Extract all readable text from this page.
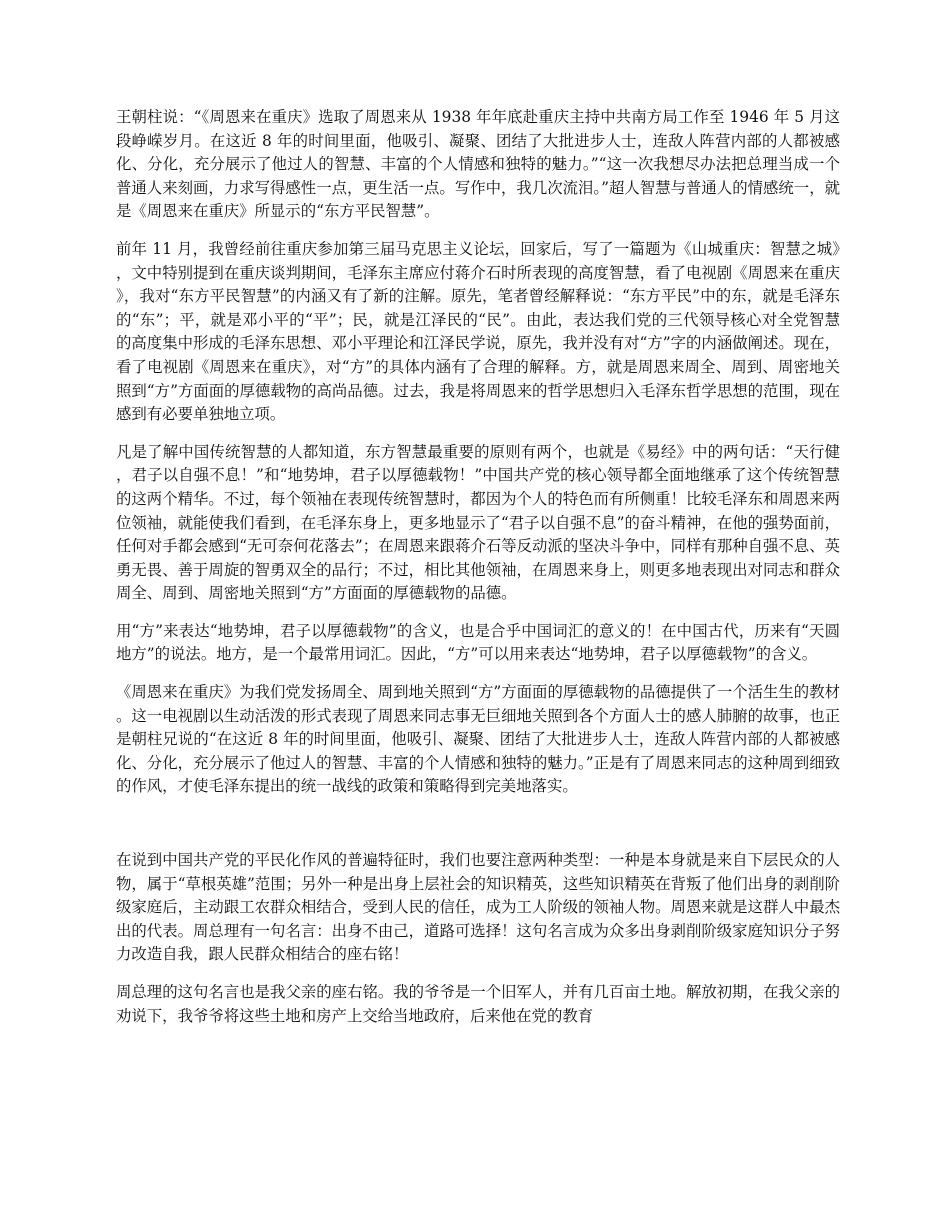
王朝柱说：“《周恩来在重庆》选取了周恩来从 1938 年年底赴重庆主持中共南方局工作至 1946 年 5 月这段峥嵘岁月。在这近 8 年的时间里面，他吸引、凝聚、团结了大批进步人士，连敌人阵营内部的人都被感化、分化，充分展示了他过人的智慧、丰富的个人情感和独特的魅力。”“这一次我想尽办法把总理当成一个普通人来刻画，力求写得感性一点，更生活一点。写作中，我几次流泪。”超人智慧与普通人的情感统一，就是《周恩来在重庆》所显示的“东方平民智慧”。

前年 11 月，我曾经前往重庆参加第三届马克思主义论坛，回家后，写了一篇题为《山城重庆：智慧之城》，文中特别提到在重庆谈判期间，毛泽东主席应付蒋介石时所表现的高度智慧，看了电视剧《周恩来在重庆》，我对“东方平民智慧”的内涵又有了新的注解。原先，笔者曾经解释说：“东方平民”中的东，就是毛泽东的“东”；平，就是邓小平的“平”；民，就是江泽民的“民”。由此，表达我们党的三代领导核心对全党智慧的高度集中形成的毛泽东思想、邓小平理论和江泽民学说，原先，我并没有对“方”字的内涵做阐述。现在，看了电视剧《周恩来在重庆》，对“方”的具体内涵有了合理的解释。方，就是周恩来周全、周到、周密地关照到“方”方面面的厚德载物的高尚品德。过去，我是将周恩来的哲学思想归入毛泽东哲学思想的范围，现在感到有必要单独地立项。

凡是了解中国传统智慧的人都知道，东方智慧最重要的原则有两个，也就是《易经》中的两句话：“天行健，君子以自强不息！”和“地势坤，君子以厚德载物！”中国共产党的核心领导都全面地继承了这个传统智慧的这两个精华。不过，每个领袖在表现传统智慧时，都因为个人的特色而有所侧重！比较毛泽东和周恩来两位领袖，就能使我们看到，在毛泽东身上，更多地显示了“君子以自强不息”的奋斗精神，在他的强势面前，任何对手都会感到“无可奈何花落去”；在周恩来跟蒋介石等反动派的坚决斗争中，同样有那种自强不息、英勇无畏、善于周旋的智勇双全的品行；不过，相比其他领袖，在周恩来身上，则更多地表现出对同志和群众周全、周到、周密地关照到“方”方面面的厚德载物的品德。

用“方”来表达“地势坤，君子以厚德载物”的含义，也是合乎中国词汇的意义的！在中国古代，历来有“天圆地方”的说法。地方，是一个最常用词汇。因此，“方”可以用来表达“地势坤，君子以厚德载物”的含义。

《周恩来在重庆》为我们党发扬周全、周到地关照到“方”方面面的厚德载物的品德提供了一个活生生的教材。这一电视剧以生动活泼的形式表现了周恩来同志事无巨细地关照到各个方面人士的感人肺腑的故事，也正是朝柱兄说的“在这近 8 年的时间里面，他吸引、凝聚、团结了大批进步人士，连敌人阵营内部的人都被感化、分化，充分展示了他过人的智慧、丰富的个人情感和独特的魅力。”正是有了周恩来同志的这种周到细致的作风，才使毛泽东提出的统一战线的政策和策略得到完美地落实。

在说到中国共产党的平民化作风的普遍特征时，我们也要注意两种类型：一种是本身就是来自下层民众的人物，属于“草根英雄”范围；另外一种是出身上层社会的知识精英，这些知识精英在背叛了他们出身的剥削阶级家庭后，主动跟工农群众相结合，受到人民的信任，成为工人阶级的领袖人物。周恩来就是这群人中最杰出的代表。周总理有一句名言：出身不由己，道路可选择！这句名言成为众多出身剥削阶级家庭知识分子努力改造自我，跟人民群众相结合的座右铭！

周总理的这句名言也是我父亲的座右铭。我的爷爷是一个旧军人，并有几百亩土地。解放初期，在我父亲的劝说下，我爷爷将这些土地和房产上交给当地政府，后来他在党的教育
